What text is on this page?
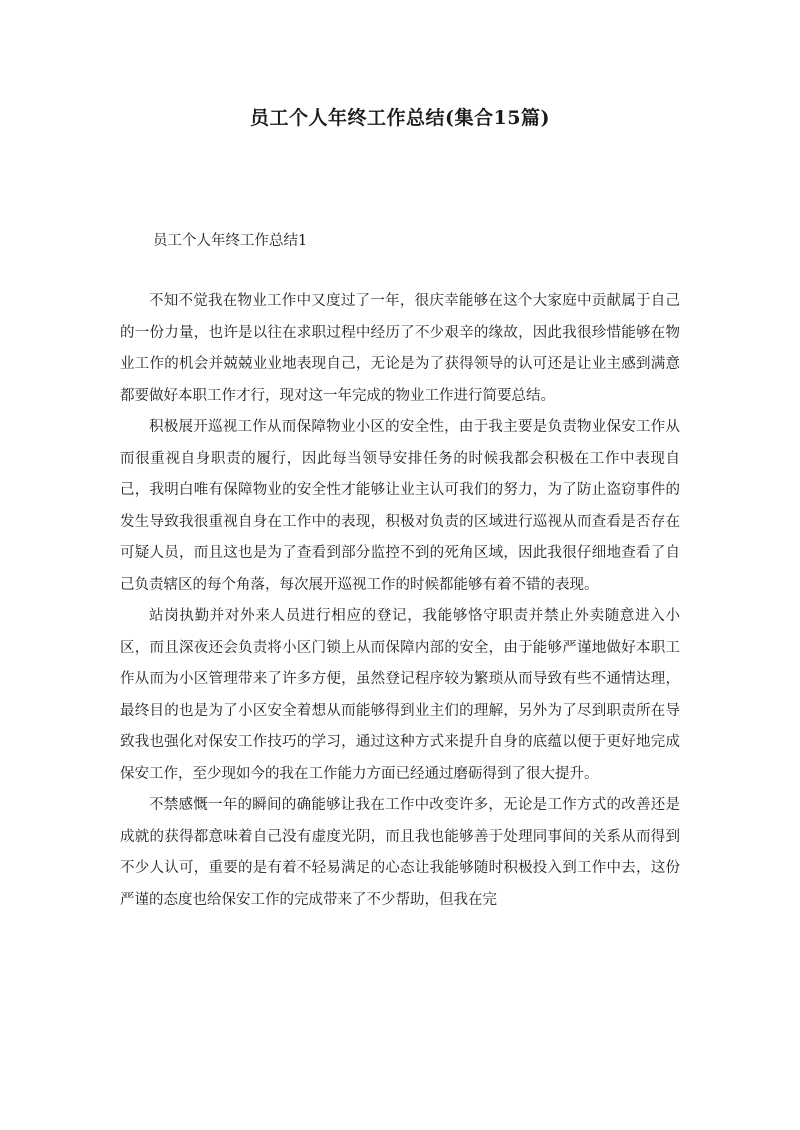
员工个人年终工作总结(集合15篇)
员工个人年终工作总结1

不知不觉我在物业工作中又度过了一年，很庆幸能够在这个大家庭中贡献属于自己的一份力量，也许是以往在求职过程中经历了不少艰辛的缘故，因此我很珍惜能够在物业工作的机会并兢兢业业地表现自己，无论是为了获得领导的认可还是让业主感到满意都要做好本职工作才行，现对这一年完成的物业工作进行简要总结。

积极展开巡视工作从而保障物业小区的安全性，由于我主要是负责物业保安工作从而很重视自身职责的履行，因此每当领导安排任务的时候我都会积极在工作中表现自己，我明白唯有保障物业的安全性才能够让业主认可我们的努力，为了防止盗窃事件的发生导致我很重视自身在工作中的表现，积极对负责的区域进行巡视从而查看是否存在可疑人员，而且这也是为了查看到部分监控不到的死角区域，因此我很仔细地查看了自己负责辖区的每个角落，每次展开巡视工作的时候都能够有着不错的表现。

站岗执勤并对外来人员进行相应的登记，我能够恪守职责并禁止外卖随意进入小区，而且深夜还会负责将小区门锁上从而保障内部的安全，由于能够严谨地做好本职工作从而为小区管理带来了许多方便，虽然登记程序较为繁琐从而导致有些不通情达理，最终目的也是为了小区安全着想从而能够得到业主们的理解，另外为了尽到职责所在导致我也强化对保安工作技巧的学习，通过这种方式来提升自身的底蕴以便于更好地完成保安工作，至少现如今的我在工作能力方面已经通过磨砺得到了很大提升。

不禁感慨一年的瞬间的确能够让我在工作中改变许多，无论是工作方式的改善还是成就的获得都意味着自己没有虚度光阴，而且我也能够善于处理同事间的关系从而得到不少人认可，重要的是有着不轻易满足的心态让我能够随时积极投入到工作中去，这份严谨的态度也给保安工作的完成带来了不少帮助，但我在完
